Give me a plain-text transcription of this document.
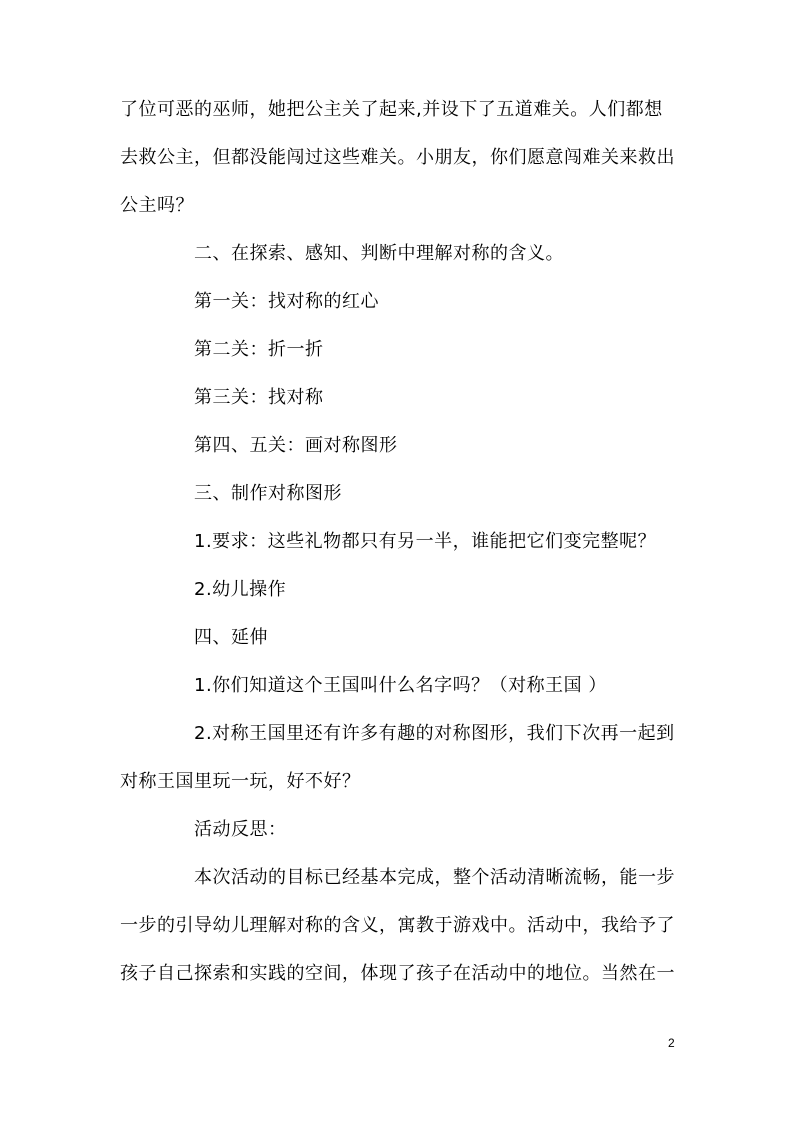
了位可恶的巫师，她把公主关了起来,并设下了五道难关。人们都想
去救公主，但都没能闯过这些难关。小朋友，你们愿意闯难关来救出
公主吗？
二、在探索、感知、判断中理解对称的含义。
第一关：找对称的红心
第二关：折一折
第三关：找对称
第四、五关：画对称图形
三、制作对称图形
1.要求：这些礼物都只有另一半，谁能把它们变完整呢？
2.幼儿操作
四、延伸
1.你们知道这个王国叫什么名字吗？（对称王国 ）
2.对称王国里还有许多有趣的对称图形，我们下次再一起到
对称王国里玩一玩，好不好？
活动反思：
本次活动的目标已经基本完成，整个活动清晰流畅，能一步
一步的引导幼儿理解对称的含义，寓教于游戏中。活动中，我给予了
孩子自己探索和实践的空间，体现了孩子在活动中的地位。当然在一
2
